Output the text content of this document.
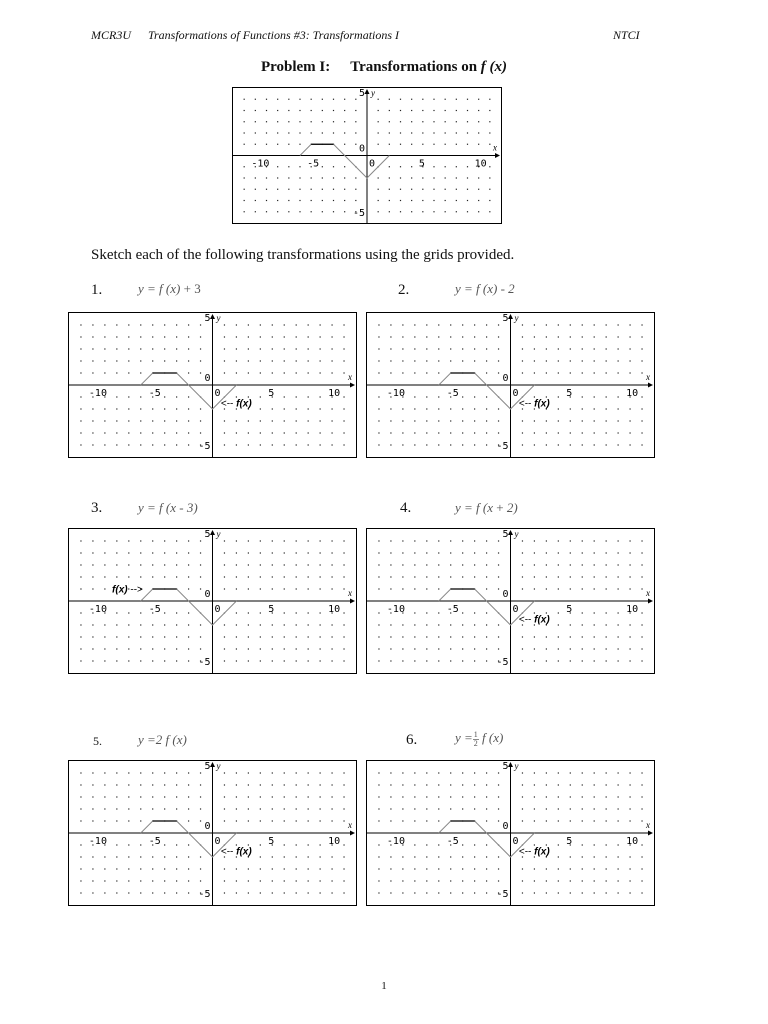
MCR3U Transformations of Functions #3: Transformations I	NTCI
Problem I: Transformations on f (x)
x
y
-10	-5	0	5	10
5
0
-5
Sketch each of the following transformations using the grids provided.
1.	y = f (x) + 3
x
y
-10	-5	0	5	10
5
0
-5
<-- f(x)
2.	y = f (x) - 2
x
y
-10	-5	0	5	10
5
0
-5
<-- f(x)
3.	y = f (x - 3)
x
y
-10	-5	0	5	10
5
0
-5
f(x) -->
4.	y = f (x + 2)
x
y
-10	-5	0	5	10
5
0
-5
<-- f(x)
5.	y =2 f (x)
x
y
-10	-5	0	5	10
5
0
-5
<-- f(x)
6.	$y = \frac{1}{2}$ f (x)
x
y
-10	-5	0	5	10
5
0
-5
<-- f(x)
1
